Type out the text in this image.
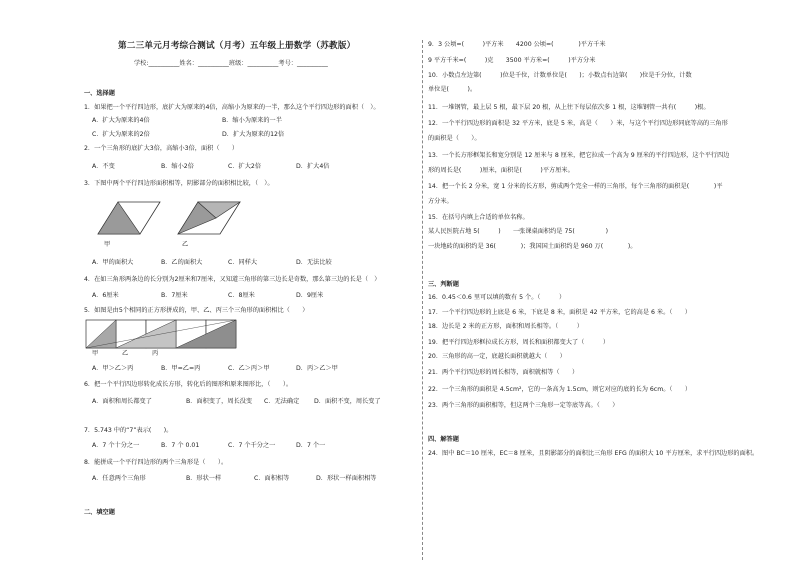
第二三单元月考综合测试（月考）五年级上册数学（苏教版）
学校:__________姓名：__________班级：__________考号：__________
一、选择题
1．如果把一个平行四边形，底扩大为原来的4倍，高缩小为原来的一半，那么这个平行四边形的面积（　）。
A．扩大为原来的4倍	B．缩小为原来的一半
C．扩大为原来的2倍	D．扩大为原来的12倍
2．一个三角形的底扩大3倍，高缩小3倍，面积（　　）
A．不变	B．缩小2倍	C．扩大2倍	D．扩大4倍
3．下图中两个平行四边形面积相等，阴影部分的面积相比较，（　）。
甲	乙
A．甲的面积大	B．乙的面积大	C．同样大	D．无法比较
4．在如三角形两条边的长分别为2厘米和7厘米，又知道三角形的第三边长是奇数，那么第三边的长是（　）
A．6厘米	B．7厘米	C．8厘米	D．9厘米
5．如图是由5个相同的正方形拼成的，甲、乙、丙三个三角形的面积相比（　　）
甲	乙	丙
A．甲＞乙＞丙	B．甲=乙=丙	C．乙＞丙＞甲	D．丙＞乙＞甲
6．把一个平行四边形转化成长方形，转化后的图形和原来图形比，（　　）。
A．面积和周长都变了	B．面积变了，周长没变 C．无法确定 D．面积不变，周长变了
7．5.743 中的“7”表示(　　)。
A．7 个十分之一	B．7 个 0.01	C．7 个千分之一	D．7 个一
8．能拼成一个平行四边形的两个三角形是（　　）。
A．任意两个三角形	B．形状一样	C．面积相等	D．形状一样面积相等
二、填空题
9．3 公顷=(　　　)平方米　　4200 公顷=(　　　　)平方千米
9 平方千米=(　　　)克　　3500 平方米=(　　　)平方分米
10．小数点左边第(　　　)位是千位，计数单位是(　　)；小数点右边第(　　)位是千分位，计数
单位是(　　　)。
11．一堆钢管，最上层 5 根，最下层 20 根，从上往下每层依次多 1 根，这堆钢管一共有(　　　)根。
12．一个平行四边形的面积是 32 平方米，底是 5 米，高是（　　）米，与这个平行四边形同底等高的三角形
的面积是（　　）。
13．一个长方形框架长和宽分别是 12 厘米与 8 厘米，把它拉成一个高为 9 厘米的平行四边形，这个平行四边
形的周长是(　　　)厘米，面积是(　　　)平方厘米。
14．把一个长 2 分米，宽 1 分米的长方形，剪成两个完全一样的三角形，每个三角形的面积是(　　　　)平
方分米。
15．在括号内填上合适的单位名称。
某人民医院占地 5(　　　)　　一张课桌面积约是 75(　　　　　)
一块地砖的面积约是 36(　　　　)；我国国土面积约是 960 万(　　　　)。
三、判断题
16．0.45＜0.6 里可以填的数有 5 个。（　　　）
17．一个平行四边形的上底是 6 米，下底是 8 米，面积是 42 平方米，它的高是 6 米。（　　）
18．边长是 2 米的正方形，面积和周长相等。（　　　）
19．把平行四边形框拉成长方形，周长和面积都变大了（　　　）
20．三角形的高一定，底越长面积就越大（　　）
21．两个平行四边形的周长相等，面积就相等（　　）
22．一个三角形的面积是 4.5cm²，它的一条高为 1.5cm，则它对应的底的长为 6cm。（　　）
23．两个三角形的面积相等，但这两个三角形一定等底等高。（　　）
四、解答题
24．图中 BC＝10 厘米，EC＝8 厘米，且阴影部分的面积比三角形 EFG 的面积大 10 平方厘米，求平行四边形的面积。
